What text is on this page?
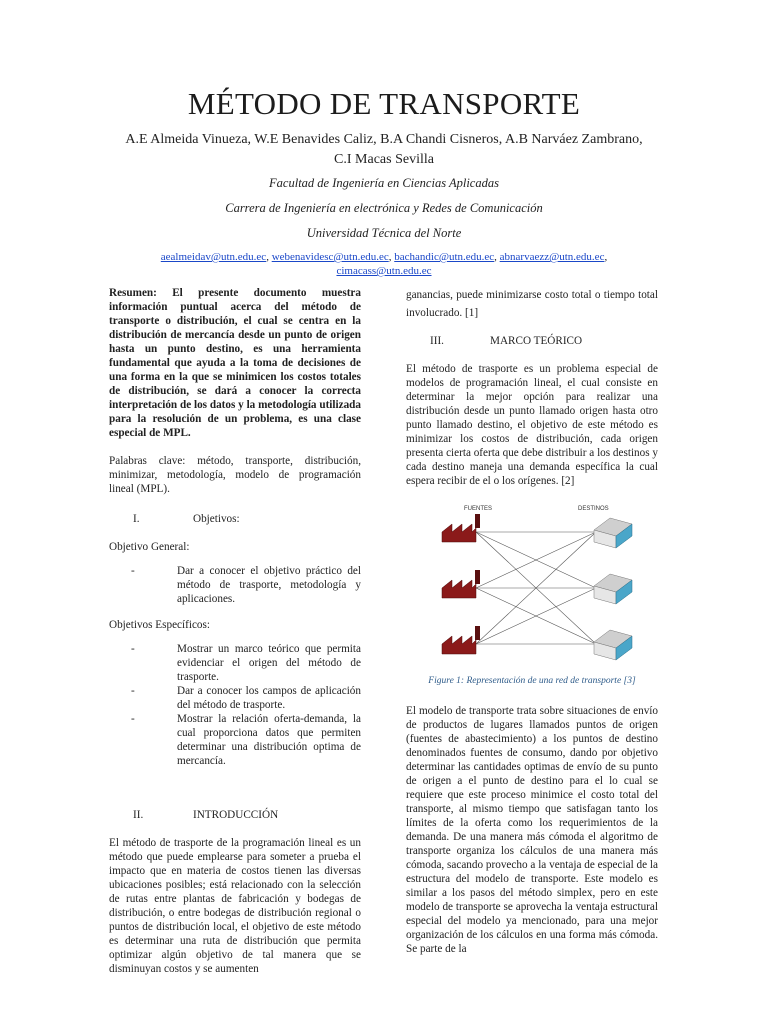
MÉTODO DE TRANSPORTE
A.E Almeida Vinueza, W.E Benavides Caliz, B.A Chandi Cisneros, A.B Narváez Zambrano,
C.I Macas Sevilla
Facultad de Ingeniería en Ciencias Aplicadas
Carrera de Ingeniería en electrónica y Redes de Comunicación
Universidad Técnica del Norte
aealmeidav@utn.edu.ec, webenavidesc@utn.edu.ec, bachandic@utn.edu.ec, abnarvaezz@utn.edu.ec,
cimacass@utn.edu.ec

Resumen: El presente documento muestra información puntual acerca del método de transporte o distribución, el cual se centra en la distribución de mercancía desde un punto de origen hasta un punto destino, es una herramienta fundamental que ayuda a la toma de decisiones de una forma en la que se minimicen los costos totales de distribución, se dará a conocer la correcta interpretación de los datos y la metodología utilizada para la resolución de un problema, es una clase especial de MPL.

Palabras clave: método, transporte, distribución, minimizar, metodología, modelo de programación lineal (MPL).

I.	Objetivos:

Objetivo General:

-	Dar a conocer el objetivo práctico del método de trasporte, metodología y aplicaciones.

Objetivos Específicos:

-	Mostrar un marco teórico que permita evidenciar el origen del método de trasporte.
-	Dar a conocer los campos de aplicación del método de trasporte.
-	Mostrar la relación oferta-demanda, la cual proporciona datos que permiten determinar una distribución optima de mercancía.
II.	INTRODUCCIÓN

El método de trasporte de la programación lineal es un método que puede emplearse para someter a prueba el impacto que en materia de costos tienen las diversas ubicaciones posibles; está relacionado con la selección de rutas entre plantas de fabricación y bodegas de distribución, o entre bodegas de distribución regional o puntos de distribución local, el objetivo de este método es determinar una ruta de distribución que permita optimizar algún objetivo de tal manera que se disminuyan costos y se aumenten

ganancias, puede minimizarse costo total o tiempo total involucrado. [1]

III.	MARCO TEÓRICO

El método de trasporte es un problema especial de modelos de programación lineal, el cual consiste en determinar la mejor opción para realizar una distribución desde un punto llamado origen hasta otro punto llamado destino, el objetivo de este método es minimizar los costos de distribución, cada origen presenta cierta oferta que debe distribuir a los destinos y cada destino maneja una demanda específica la cual espera recibir de el o los orígenes. [2]

FUENTES	DESTINOS
Figure 1: Representación de una red de transporte [3]

El modelo de transporte trata sobre situaciones de envío de productos de lugares llamados puntos de origen (fuentes de abastecimiento) a los puntos de destino denominados fuentes de consumo, dando por objetivo determinar las cantidades optimas de envío de su punto de origen a el punto de destino para el lo cual se requiere que este proceso minimice el costo total del transporte, al mismo tiempo que satisfagan tanto los límites de la oferta como los requerimientos de la demanda. De una manera más cómoda el algoritmo de transporte organiza los cálculos de una manera más cómoda, sacando provecho a la ventaja de especial de la estructura del modelo de transporte. Este modelo es similar a los pasos del método simplex, pero en este modelo de transporte se aprovecha la ventaja estructural especial del modelo ya mencionado, para una mejor organización de los cálculos en una forma más cómoda. Se parte de la
